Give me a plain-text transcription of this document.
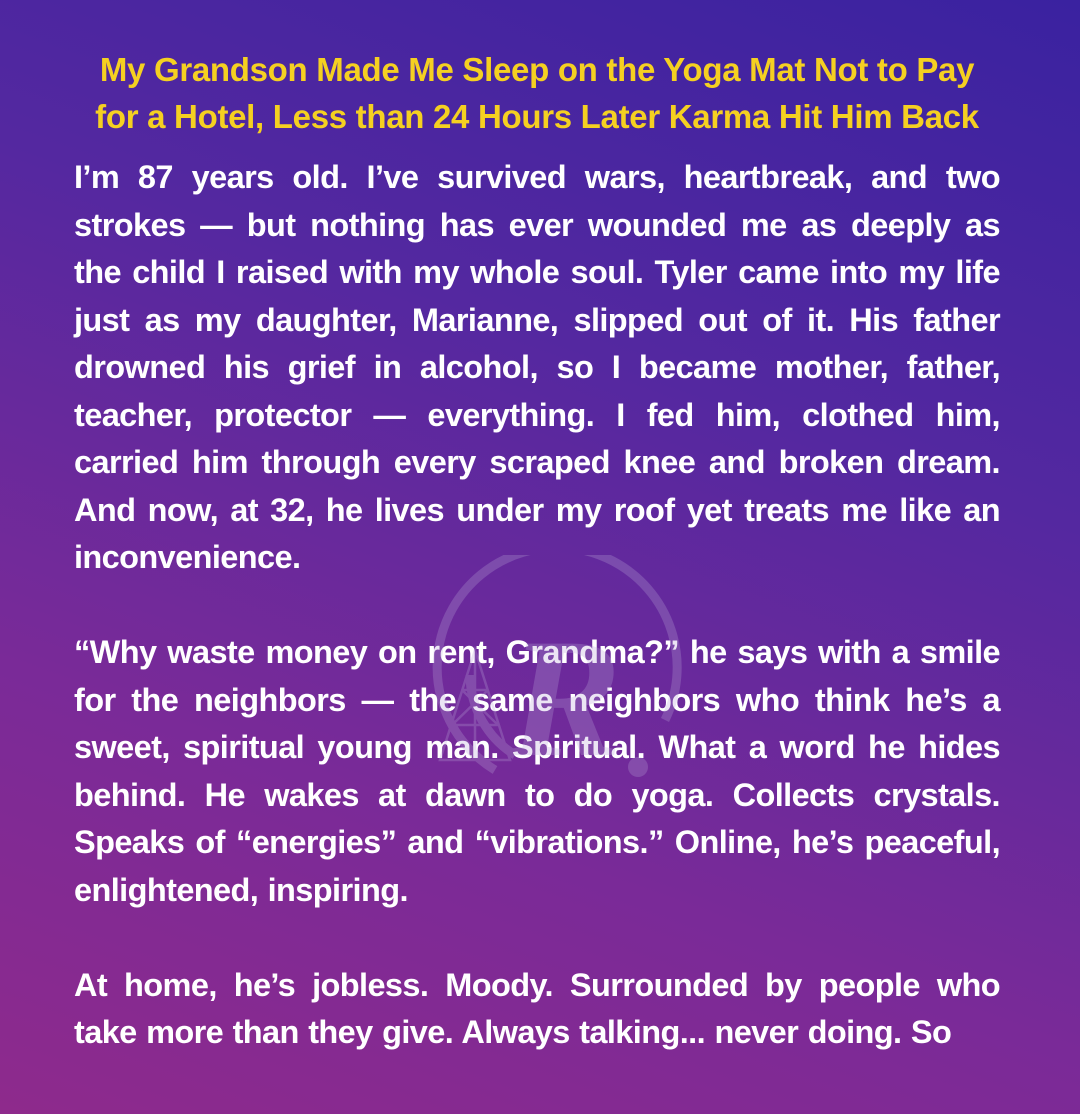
My Grandson Made Me Sleep on the Yoga Mat Not to Pay for a Hotel, Less than 24 Hours Later Karma Hit Him Back

I’m 87 years old. I’ve survived wars, heartbreak, and two strokes — but nothing has ever wounded me as deeply as the child I raised with my whole soul. Tyler came into my life just as my daughter, Marianne, slipped out of it. His father drowned his grief in alcohol, so I became mother, father, teacher, protector — everything. I fed him, clothed him, carried him through every scraped knee and broken dream. And now, at 32, he lives under my roof yet treats me like an inconvenience.

“Why waste money on rent, Grandma?” he says with a smile for the neighbors — the same neighbors who think he’s a sweet, spiritual young man. Spiritual. What a word he hides behind. He wakes at dawn to do yoga. Collects crystals. Speaks of “energies” and “vibrations.” Online, he’s peaceful, enlightened, inspiring.

At home, he’s jobless. Moody. Surrounded by people who take more than they give. Always talking... never doing. So

R
